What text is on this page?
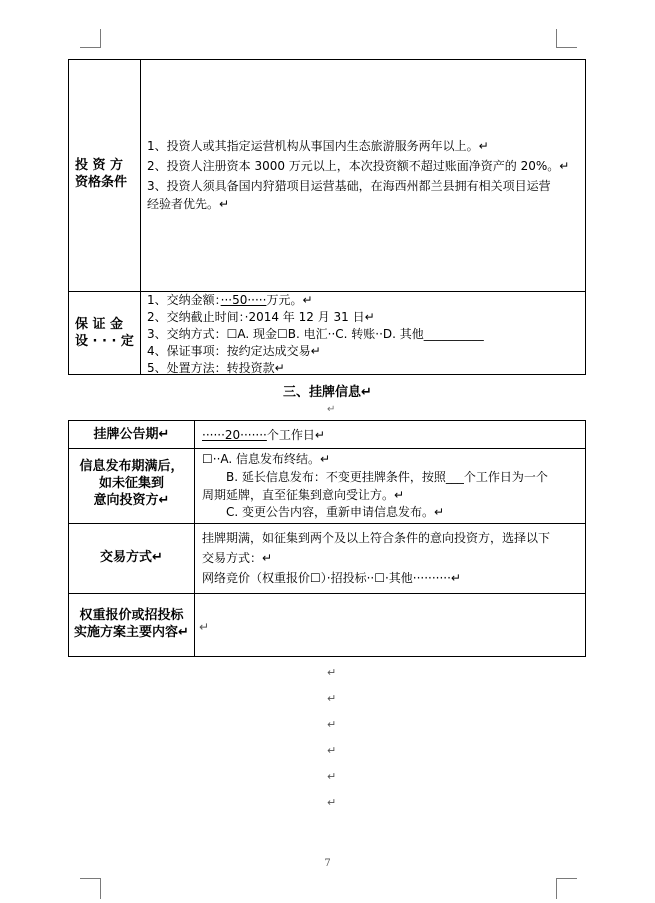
投 资 方
资格条件
1、投资人或其指定运营机构从事国内生态旅游服务两年以上。↵
2、投资人注册资本 3000 万元以上，本次投资额不超过账面净资产的 20%。↵
3、投资人须具备国内狩猎项目运营基础，在海西州都兰县拥有相关项目运营
经验者优先。↵
保 证 金
设 · · · 定
1、交纳金额：···50·····万元。↵
2、交纳截止时间：·2014 年 12 月 31 日↵
3、交纳方式：☐A. 现金☐B. 电汇··C. 转账··D. 其他__________
4、保证事项：按约定达成交易↵
5、处置方法：转投资款↵
三、挂牌信息↵
挂牌公告期↵	······20·······个工作日↵
信息发布期满后，
如未征集到
意向投资方↵
☐··A. 信息发布终结。↵
B. 延长信息发布：不变更挂牌条件，按照___个工作日为一个
周期延牌，直至征集到意向受让方。↵
C. 变更公告内容，重新申请信息发布。↵
交易方式↵
挂牌期满，如征集到两个及以上符合条件的意向投资方，选择以下
交易方式：↵
网络竞价（权重报价☐）·招投标··☐·其他··········↵
权重报价或招投标
实施方案主要内容↵ ↵
↵
↵
↵
↵
↵
↵
↵
7
